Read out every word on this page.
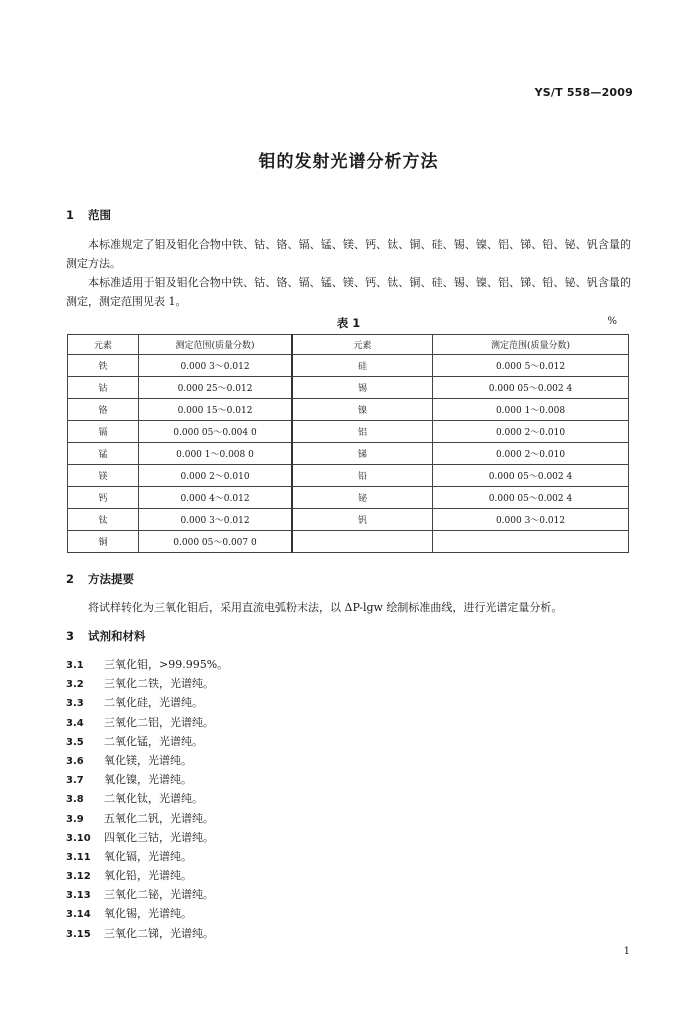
YS/T 558—2009
钼的发射光谱分析方法
1 范围
本标准规定了钼及钼化合物中铁、钴、铬、镉、锰、镁、钙、钛、铜、硅、锡、镍、铝、锑、铅、铋、钒含量的测定方法。
本标准适用于钼及钼化合物中铁、钴、铬、镉、锰、镁、钙、钛、铜、硅、锡、镍、铝、锑、铅、铋、钒含量的测定，测定范围见表 1。
表 1	%
元素	测定范围(质量分数)	元素	测定范围(质量分数)
铁	0.000 3～0.012	硅	0.000 5～0.012
钴	0.000 25～0.012	锡	0.000 05～0.002 4
铬	0.000 15～0.012	镍	0.000 1～0.008
镉	0.000 05～0.004 0	铝	0.000 2～0.010
锰	0.000 1～0.008 0	锑	0.000 2～0.010
镁	0.000 2～0.010	铅	0.000 05～0.002 4
钙	0.000 4～0.012	铋	0.000 05～0.002 4
钛	0.000 3～0.012	钒	0.000 3～0.012
铜	0.000 05～0.007 0		
2 方法提要
将试样转化为三氧化钼后，采用直流电弧粉末法，以 ΔP-lgw 绘制标准曲线，进行光谱定量分析。
3 试剂和材料
3.1 三氧化钼，>99.995%。
3.2 三氧化二铁，光谱纯。
3.3 二氧化硅，光谱纯。
3.4 三氧化二铝，光谱纯。
3.5 二氧化锰，光谱纯。
3.6 氧化镁，光谱纯。
3.7 氧化镍，光谱纯。
3.8 二氧化钛，光谱纯。
3.9 五氧化二钒，光谱纯。
3.10 四氧化三钴，光谱纯。
3.11 氧化镉，光谱纯。
3.12 氧化铅，光谱纯。
3.13 三氧化二铋，光谱纯。
3.14 氧化锡，光谱纯。
3.15 三氧化二锑，光谱纯。
1
